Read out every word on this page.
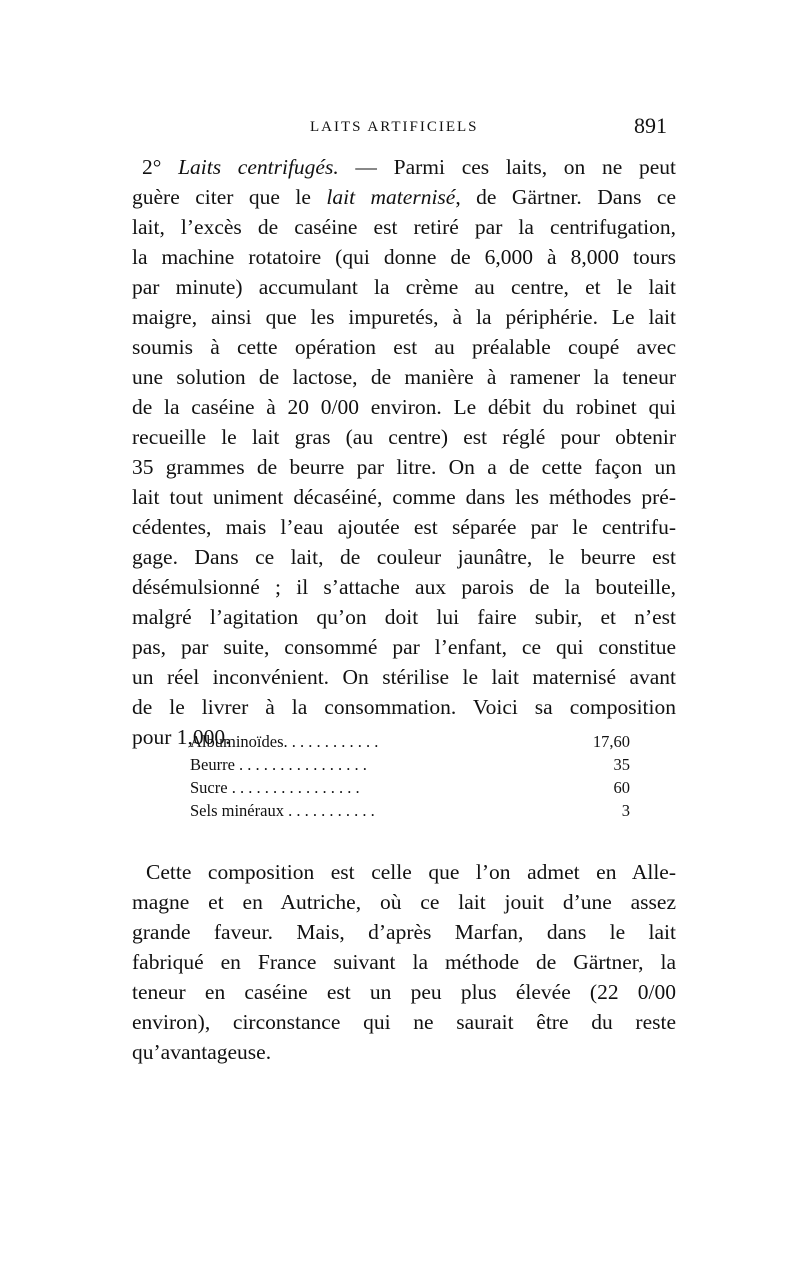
LAITS ARTIFICIELS	891
2° Laits centrifugés. — Parmi ces laits, on ne peut
guère citer que le lait maternisé, de Gärtner. Dans ce
lait, l’excès de caséine est retiré par la centrifugation,
la machine rotatoire (qui donne de 6,000 à 8,000 tours
par minute) accumulant la crème au centre, et le lait
maigre, ainsi que les impuretés, à la périphérie. Le lait
soumis à cette opération est au préalable coupé avec
une solution de lactose, de manière à ramener la teneur
de la caséine à 20 0/00 environ. Le débit du robinet qui
recueille le lait gras (au centre) est réglé pour obtenir
35 grammes de beurre par litre. On a de cette façon un
lait tout uniment décaséiné, comme dans les méthodes pré-
cédentes, mais l’eau ajoutée est séparée par le centrifu-
gage. Dans ce lait, de couleur jaunâtre, le beurre est
désémulsionné ; il s’attache aux parois de la bouteille,
malgré l’agitation qu’on doit lui faire subir, et n’est
pas, par suite, consommé par l’enfant, ce qui constitue
un réel inconvénient. On stérilise le lait maternisé avant
de le livrer à la consommation. Voici sa composition
pour 1,000.
Albuminoïdes. . . . . . . . . . . .	17,60
Beurre . . . . . . . . . . . . . . . .	35
Sucre . . . . . . . . . . . . . . . .	60
Sels minéraux . . . . . . . . . . .	3
Cette composition est celle que l’on admet en Alle-
magne et en Autriche, où ce lait jouit d’une assez
grande faveur. Mais, d’après Marfan, dans le lait
fabriqué en France suivant la méthode de Gärtner, la
teneur en caséine est un peu plus élevée (22 0/00
environ), circonstance qui ne saurait être du reste
qu’avantageuse.
